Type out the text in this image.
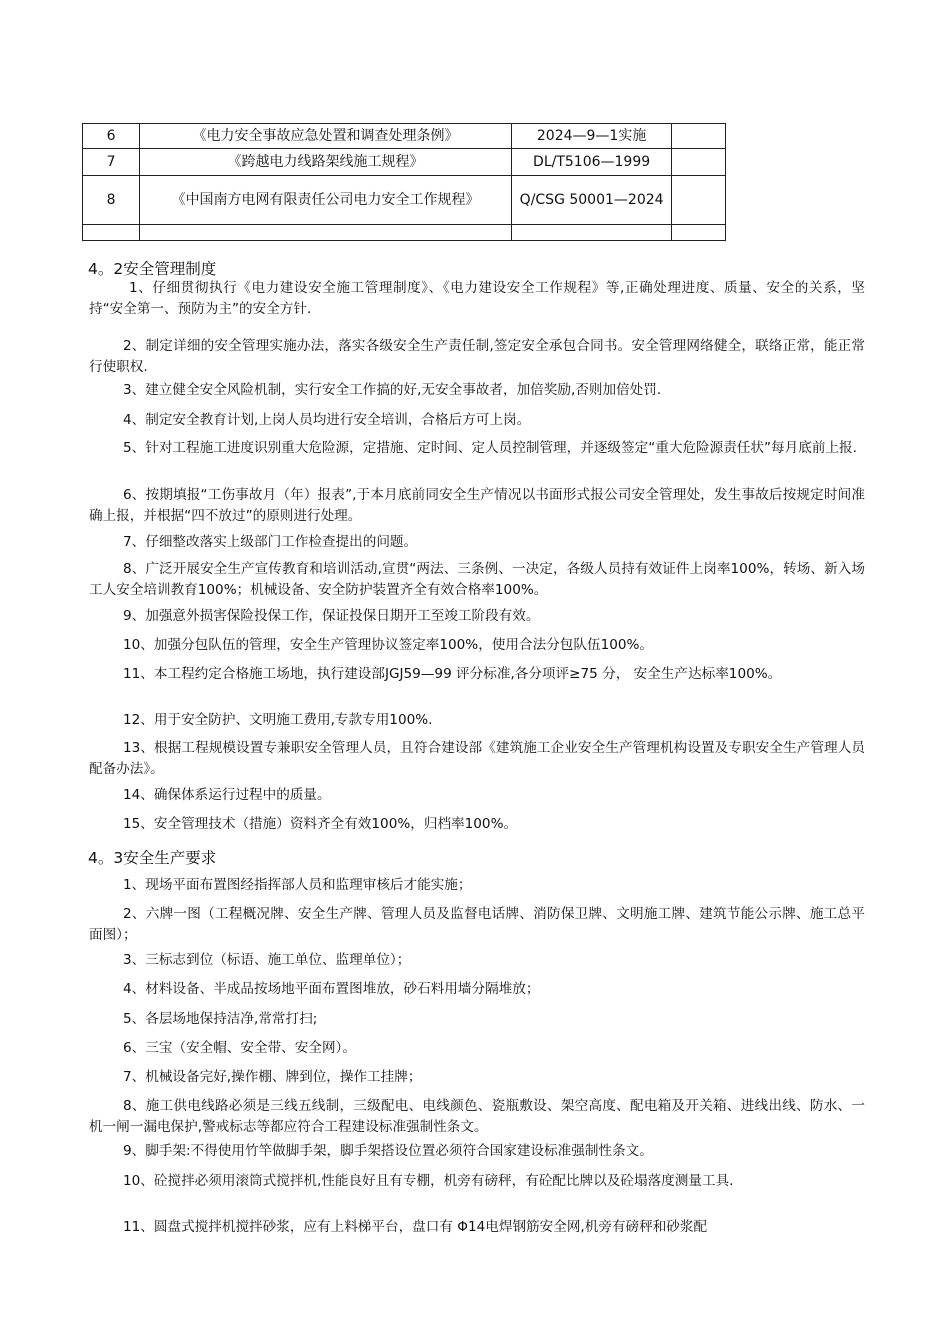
6	《电力安全事故应急处置和调查处理条例》	2024—9—1实施	
7	《跨越电力线路架线施工规程》	DL/T5106—1999	
8	《中国南方电网有限责任公司电力安全工作规程》	Q/CSG 50001—2024	

4。2安全管理制度

1、仔细贯彻执行《电力建设安全施工管理制度》、《电力建设安全工作规程》等,正确处理进度、质量、安全的关系，坚持“安全第一、预防为主”的安全方针.

2、制定详细的安全管理实施办法，落实各级安全生产责任制,签定安全承包合同书。安全管理网络健全，联络正常，能正常行使职权.

3、建立健全安全风险机制，实行安全工作搞的好,无安全事故者，加倍奖励,否则加倍处罚.

4、制定安全教育计划,上岗人员均进行安全培训，合格后方可上岗。

5、针对工程施工进度识别重大危险源，定措施、定时间、定人员控制管理，并逐级签定“重大危险源责任状”每月底前上报.

6、按期填报“工伤事故月（年）报表”,于本月底前同安全生产情况以书面形式报公司安全管理处，发生事故后按规定时间准确上报，并根据“四不放过”的原则进行处理。

7、仔细整改落实上级部门工作检查提出的问题。

8、广泛开展安全生产宣传教育和培训活动,宣贯“两法、三条例、一决定，各级人员持有效证件上岗率100%，转场、新入场工人安全培训教育100%；机械设备、安全防护装置齐全有效合格率100%。

9、加强意外损害保险投保工作，保证投保日期开工至竣工阶段有效。

10、加强分包队伍的管理，安全生产管理协议签定率100%，使用合法分包队伍100%。

11、本工程约定合格施工场地，执行建设部JGJ59—99 评分标准,各分项评≥75 分， 安全生产达标率100%。

12、用于安全防护、文明施工费用,专款专用100%.

13、根据工程规模设置专兼职安全管理人员，且符合建设部《建筑施工企业安全生产管理机构设置及专职安全生产管理人员配备办法》。

14、确保体系运行过程中的质量。

15、安全管理技术（措施）资料齐全有效100%，归档率100%。

4。3安全生产要求

1、现场平面布置图经指挥部人员和监理审核后才能实施；

2、六牌一图（工程概况牌、安全生产牌、管理人员及监督电话牌、消防保卫牌、文明施工牌、建筑节能公示牌、施工总平面图）；

3、三标志到位（标语、施工单位、监理单位）；

4、材料设备、半成品按场地平面布置图堆放，砂石料用墙分隔堆放；

5、各层场地保持洁净,常常打扫;

6、三宝（安全帽、安全带、安全网）。

7、机械设备完好,操作棚、牌到位，操作工挂牌；

8、施工供电线路必须是三线五线制，三级配电、电线颜色、瓷瓶敷设、架空高度、配电箱及开关箱、进线出线、防水、一机一闸一漏电保护,警戒标志等都应符合工程建设标准强制性条文。

9、脚手架:不得使用竹竿做脚手架，脚手架搭设位置必须符合国家建设标准强制性条文。

10、砼搅拌必须用滚筒式搅拌机,性能良好且有专棚，机旁有磅秤，有砼配比牌以及砼塌落度测量工具.

11、圆盘式搅拌机搅拌砂浆，应有上料梯平台，盘口有 Φ14电焊钢筋安全网,机旁有磅秤和砂浆配
